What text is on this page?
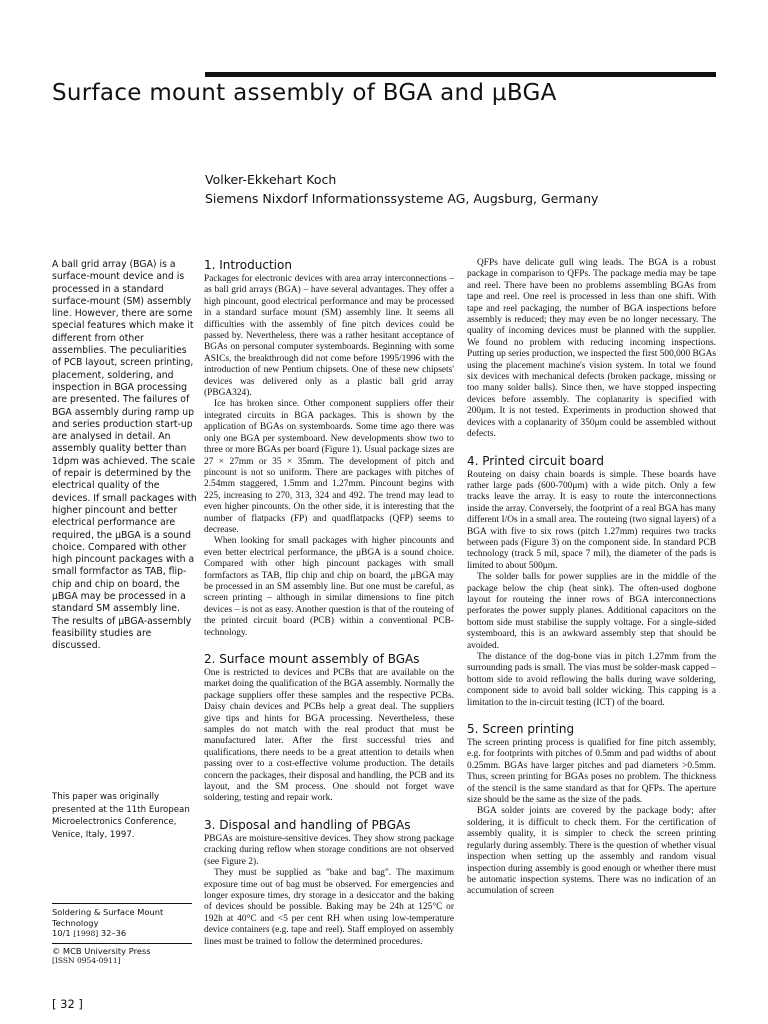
Surface mount assembly of BGA and μBGA
Volker-Ekkehart Koch
Siemens Nixdorf Informationssysteme AG, Augsburg, Germany
A ball grid array (BGA) is a surface-mount device and is processed in a standard surface-mount (SM) assembly line. However, there are some special features which make it different from other assemblies. The peculiarities of PCB layout, screen printing, placement, soldering, and inspection in BGA processing are presented. The failures of BGA assembly during ramp up and series production start-up are analysed in detail. An assembly quality better than 1dpm was achieved. The scale of repair is determined by the electrical quality of the devices. If small packages with higher pincount and better electrical performance are required, the μBGA is a sound choice. Compared with other high pincount packages with a small formfactor as TAB, flip-chip and chip on board, the μBGA may be processed in a standard SM assembly line. The results of μBGA-assembly feasibility studies are discussed.
This paper was originally presented at the 11th European Microelectronics Conference, Venice, Italy, 1997.
Soldering & Surface Mount Technology
10/1 [1998] 32–36
© MCB University Press
[ISSN 0954-0911]
[ 32 ]
1. Introduction

Packages for electronic devices with area array interconnections – as ball grid arrays (BGA) – have several advantages. They offer a high pincount, good electrical performance and may be processed in a standard surface mount (SM) assembly line. It seems all difficulties with the assembly of fine pitch devices could be passed by. Nevertheless, there was a rather hesitant acceptance of BGAs on personal computer systemboards. Beginning with some ASICs, the breakthrough did not come before 1995/1996 with the introduction of new Pentium chipsets. One of these new chipsets' devices was delivered only as a plastic ball grid array (PBGA324).

Ice has broken since. Other component suppliers offer their integrated circuits in BGA packages. This is shown by the application of BGAs on systemboards. Some time ago there was only one BGA per systemboard. New developments show two to three or more BGAs per board (Figure 1). Usual package sizes are 27 × 27mm or 35 × 35mm. The development of pitch and pincount is not so uniform. There are packages with pitches of 2.54mm staggered, 1.5mm and 1.27mm. Pincount begins with 225, increasing to 270, 313, 324 and 492. The trend may lead to even higher pincounts. On the other side, it is interesting that the number of flatpacks (FP) and quadflatpacks (QFP) seems to decrease.

When looking for small packages with higher pincounts and even better electrical performance, the μBGA is a sound choice. Compared with other high pincount packages with small formfactors as TAB, flip chip and chip on board, the μBGA may be processed in an SM assembly line. But one must be careful, as screen printing – although in similar dimensions to fine pitch devices – is not as easy. Another question is that of the routeing of the printed circuit board (PCB) within a conventional PCB-technology.

2. Surface mount assembly of BGAs

One is restricted to devices and PCBs that are available on the market doing the qualification of the BGA assembly. Normally the package suppliers offer these samples and the respective PCBs. Daisy chain devices and PCBs help a great deal. The suppliers give tips and hints for BGA processing. Nevertheless, these samples do not match with the real product that must be manufactured later. After the first successful tries and qualifications, there needs to be a great attention to details when passing over to a cost-effective volume production. The details concern the packages, their disposal and handling, the PCB and its layout, and the SM process. One should not forget wave soldering, testing and repair work.

3. Disposal and handling of PBGAs

PBGAs are moisture-sensitive devices. They show strong package cracking during reflow when storage conditions are not observed (see Figure 2).

They must be supplied as "bake and bag". The maximum exposure time out of bag must be observed. For emergencies and longer exposure times, dry storage in a desiccator and the baking of devices should be possible. Baking may be 24h at 125°C or 192h at 40°C and <5 per cent RH when using low-temperature device containers (e.g. tape and reel). Staff employed on assembly lines must be trained to follow the determined procedures.

QFPs have delicate gull wing leads. The BGA is a robust package in comparison to QFPs. The package media may be tape and reel. There have been no problems assembling BGAs from tape and reel. One reel is processed in less than one shift. With tape and reel packaging, the number of BGA inspections before assembly is reduced; they may even be no longer necessary. The quality of incoming devices must be planned with the supplier. We found no problem with reducing incoming inspections. Putting up series production, we inspected the first 500,000 BGAs using the placement machine's vision system. In total we found six devices with mechanical defects (broken package, missing or too many solder balls). Since then, we have stopped inspecting devices before assembly. The coplanarity is specified with 200μm. It is not tested. Experiments in production showed that devices with a coplanarity of 350μm could be assembled without defects.

4. Printed circuit board

Routeing on daisy chain boards is simple. These boards have rather large pads (600-700μm) with a wide pitch. Only a few tracks leave the array. It is easy to route the interconnections inside the array. Conversely, the footprint of a real BGA has many different I/Os in a small area. The routeing (two signal layers) of a BGA with five to six rows (pitch 1.27mm) requires two tracks between pads (Figure 3) on the component side. In standard PCB technology (track 5 mil, space 7 mil), the diameter of the pads is limited to about 500μm.

The solder balls for power supplies are in the middle of the package below the chip (heat sink). The often-used dogbone layout for routeing the inner rows of BGA interconnections perforates the power supply planes. Additional capacitors on the bottom side must stabilise the supply voltage. For a single-sided systemboard, this is an awkward assembly step that should be avoided.

The distance of the dog-bone vias in pitch 1.27mm from the surrounding pads is small. The vias must be solder-mask capped – bottom side to avoid reflowing the balls during wave soldering, component side to avoid ball solder wicking. This capping is a limitation to the in-circuit testing (ICT) of the board.

5. Screen printing

The screen printing process is qualified for fine pitch assembly, e.g. for footprints with pitches of 0.5mm and pad widths of about 0.25mm. BGAs have larger pitches and pad diameters >0.5mm. Thus, screen printing for BGAs poses no problem. The thickness of the stencil is the same standard as that for QFPs. The aperture size should be the same as the size of the pads.

BGA solder joints are covered by the package body; after soldering, it is difficult to check them. For the certification of assembly quality, it is simpler to check the screen printing regularly during assembly. There is the question of whether visual inspection when setting up the assembly and random visual inspection during assembly is good enough or whether there must be automatic inspection systems. There was no indication of an accumulation of screen
